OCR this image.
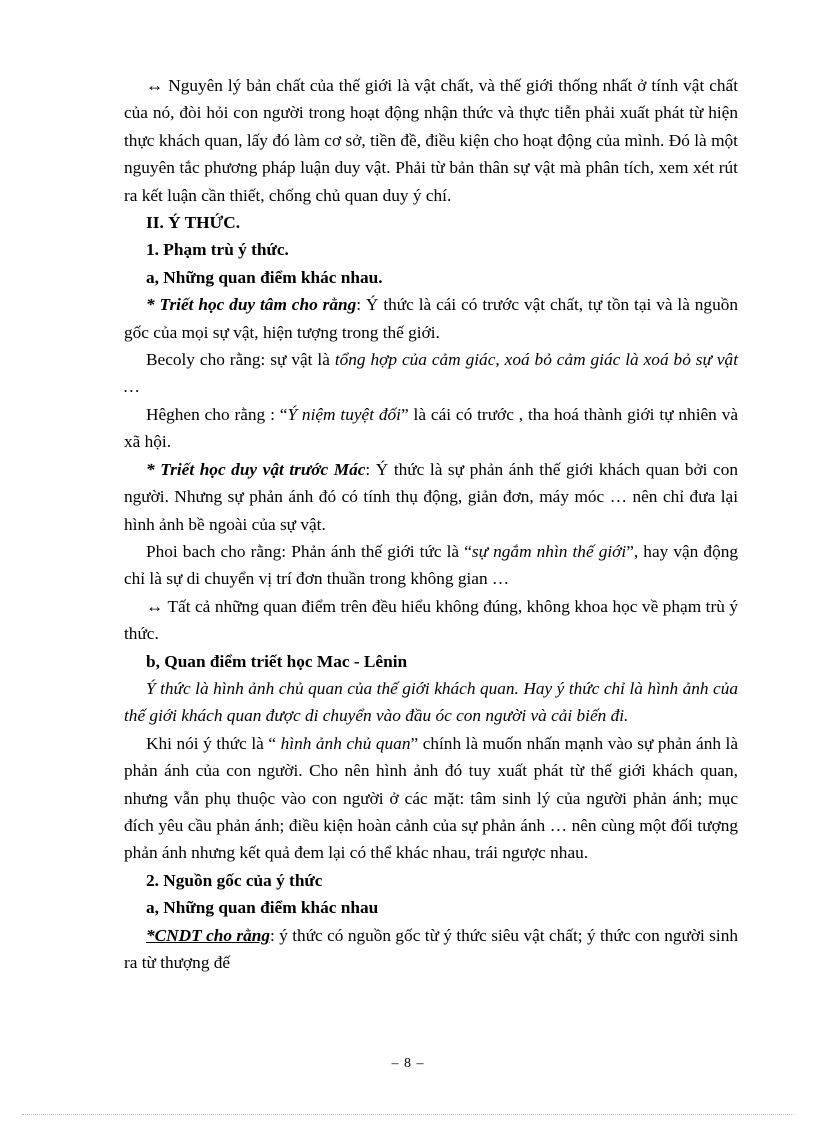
↔ Nguyên lý bản chất của thế giới là vật chất, và thế giới thống nhất ở tính vật chất của nó, đòi hỏi con người trong hoạt động nhận thức và thực tiễn phải xuất phát từ hiện thực khách quan, lấy đó làm cơ sở, tiền đề, điều kiện cho hoạt động của mình. Đó là một nguyên tắc phương pháp luận duy vật. Phải từ bản thân sự vật mà phân tích, xem xét rút ra kết luận cần thiết, chống chủ quan duy ý chí.

II. Ý THỨC.

1. Phạm trù ý thức.

a, Những quan điểm khác nhau.

* Triết học duy tâm cho rằng: Ý thức là cái có trước vật chất, tự tồn tại và là nguồn gốc của mọi sự vật, hiện tượng trong thế giới.

Becoly cho rằng: sự vật là tổng hợp của cảm giác, xoá bỏ cảm giác là xoá bỏ sự vật …

Hêghen cho rằng : “Ý niệm tuyệt đối” là cái có trước , tha hoá thành giới tự nhiên và xã hội.

* Triết học duy vật trước Mác: Ý thức là sự phản ánh thế giới khách quan bởi con người. Nhưng sự phản ánh đó có tính thụ động, giản đơn, máy móc … nên chỉ đưa lại hình ảnh bề ngoài của sự vật.

Phoi bach cho rằng: Phản ánh thế giới tức là “sự ngắm nhìn thế giới”, hay vận động chỉ là sự di chuyển vị trí đơn thuần trong không gian …

↔ Tất cả những quan điểm trên đều hiểu không đúng, không khoa học về phạm trù ý thức.

b, Quan điểm triết học Mac - Lênin

Ý thức là hình ảnh chủ quan của thế giới khách quan. Hay ý thức chỉ là hình ảnh của thế giới khách quan được di chuyển vào đầu óc con người và cải biến đi.

Khi nói ý thức là “ hình ảnh chủ quan” chính là muốn nhấn mạnh vào sự phản ánh là phản ánh của con người. Cho nên hình ảnh đó tuy xuất phát từ thế giới khách quan, nhưng vẫn phụ thuộc vào con người ở các mặt: tâm sinh lý của người phản ánh; mục đích yêu cầu phản ánh; điều kiện hoàn cảnh của sự phản ánh … nên cùng một đối tượng phản ánh nhưng kết quả đem lại có thể khác nhau, trái ngược nhau.

2. Nguồn gốc của ý thức

a, Những quan điểm khác nhau

*CNDT cho rằng: ý thức có nguồn gốc từ ý thức siêu vật chất; ý thức con người sinh ra từ thượng đế

– 8 –
